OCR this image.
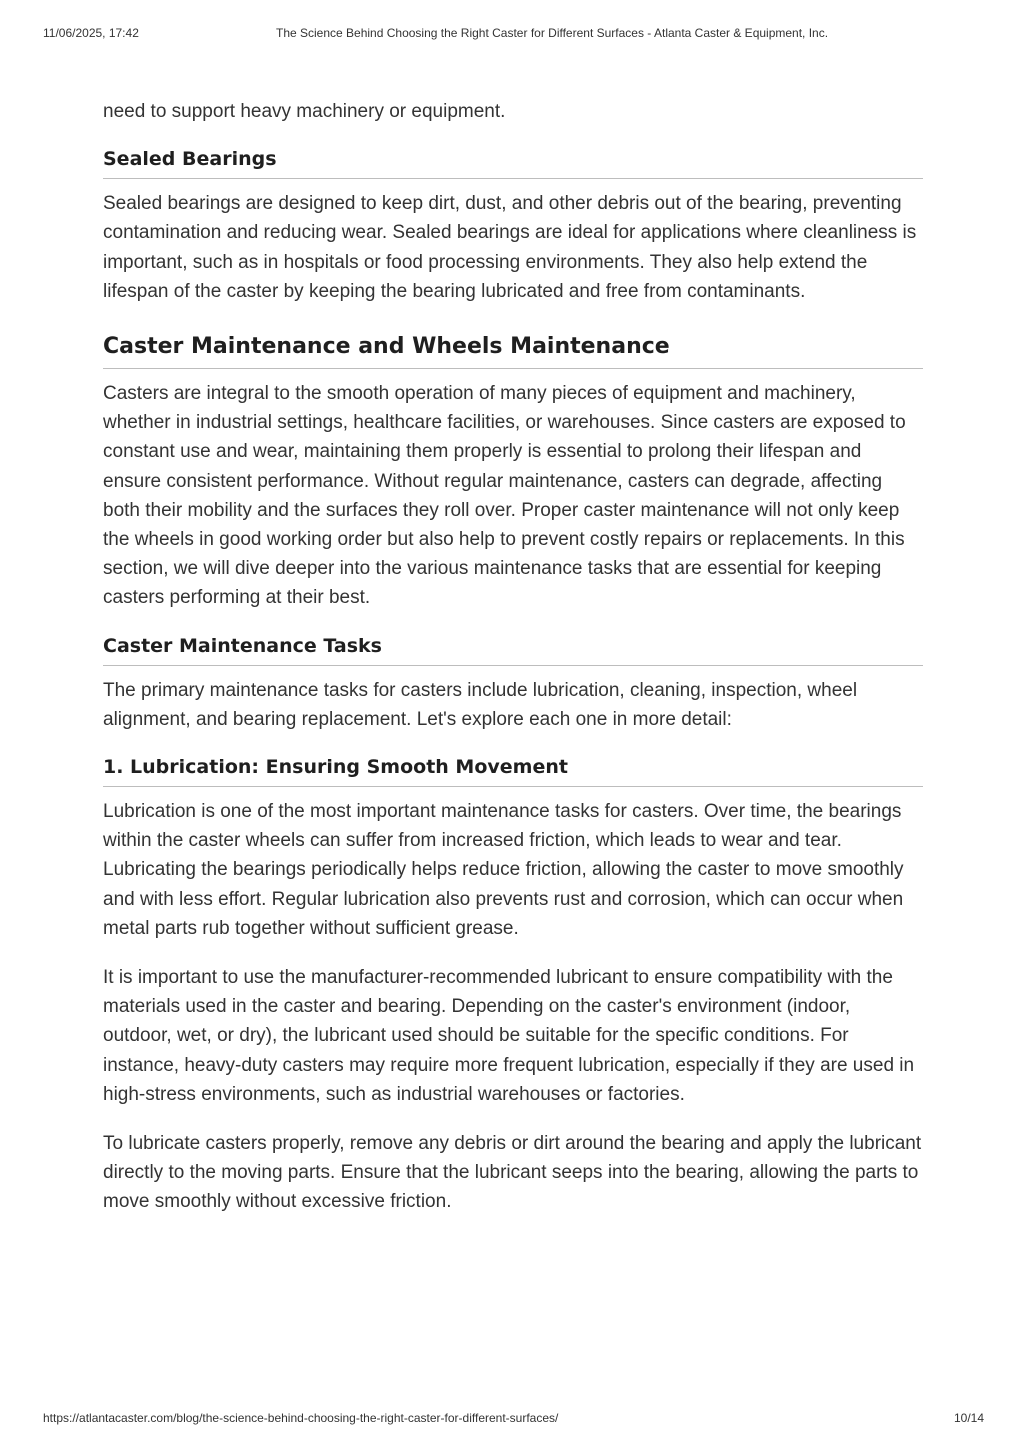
11/06/2025, 17:42	The Science Behind Choosing the Right Caster for Different Surfaces - Atlanta Caster & Equipment, Inc.

need to support heavy machinery or equipment.

Sealed Bearings

Sealed bearings are designed to keep dirt, dust, and other debris out of the bearing, preventing contamination and reducing wear. Sealed bearings are ideal for applications where cleanliness is important, such as in hospitals or food processing environments. They also help extend the lifespan of the caster by keeping the bearing lubricated and free from contaminants.

Caster Maintenance and Wheels Maintenance

Casters are integral to the smooth operation of many pieces of equipment and machinery, whether in industrial settings, healthcare facilities, or warehouses. Since casters are exposed to constant use and wear, maintaining them properly is essential to prolong their lifespan and ensure consistent performance. Without regular maintenance, casters can degrade, affecting both their mobility and the surfaces they roll over. Proper caster maintenance will not only keep the wheels in good working order but also help to prevent costly repairs or replacements. In this section, we will dive deeper into the various maintenance tasks that are essential for keeping casters performing at their best.

Caster Maintenance Tasks

The primary maintenance tasks for casters include lubrication, cleaning, inspection, wheel alignment, and bearing replacement. Let's explore each one in more detail:

1. Lubrication: Ensuring Smooth Movement

Lubrication is one of the most important maintenance tasks for casters. Over time, the bearings within the caster wheels can suffer from increased friction, which leads to wear and tear. Lubricating the bearings periodically helps reduce friction, allowing the caster to move smoothly and with less effort. Regular lubrication also prevents rust and corrosion, which can occur when metal parts rub together without sufficient grease.

It is important to use the manufacturer-recommended lubricant to ensure compatibility with the materials used in the caster and bearing. Depending on the caster's environment (indoor, outdoor, wet, or dry), the lubricant used should be suitable for the specific conditions. For instance, heavy-duty casters may require more frequent lubrication, especially if they are used in high-stress environments, such as industrial warehouses or factories.

To lubricate casters properly, remove any debris or dirt around the bearing and apply the lubricant directly to the moving parts. Ensure that the lubricant seeps into the bearing, allowing the parts to move smoothly without excessive friction.

https://atlantacaster.com/blog/the-science-behind-choosing-the-right-caster-for-different-surfaces/	10/14
